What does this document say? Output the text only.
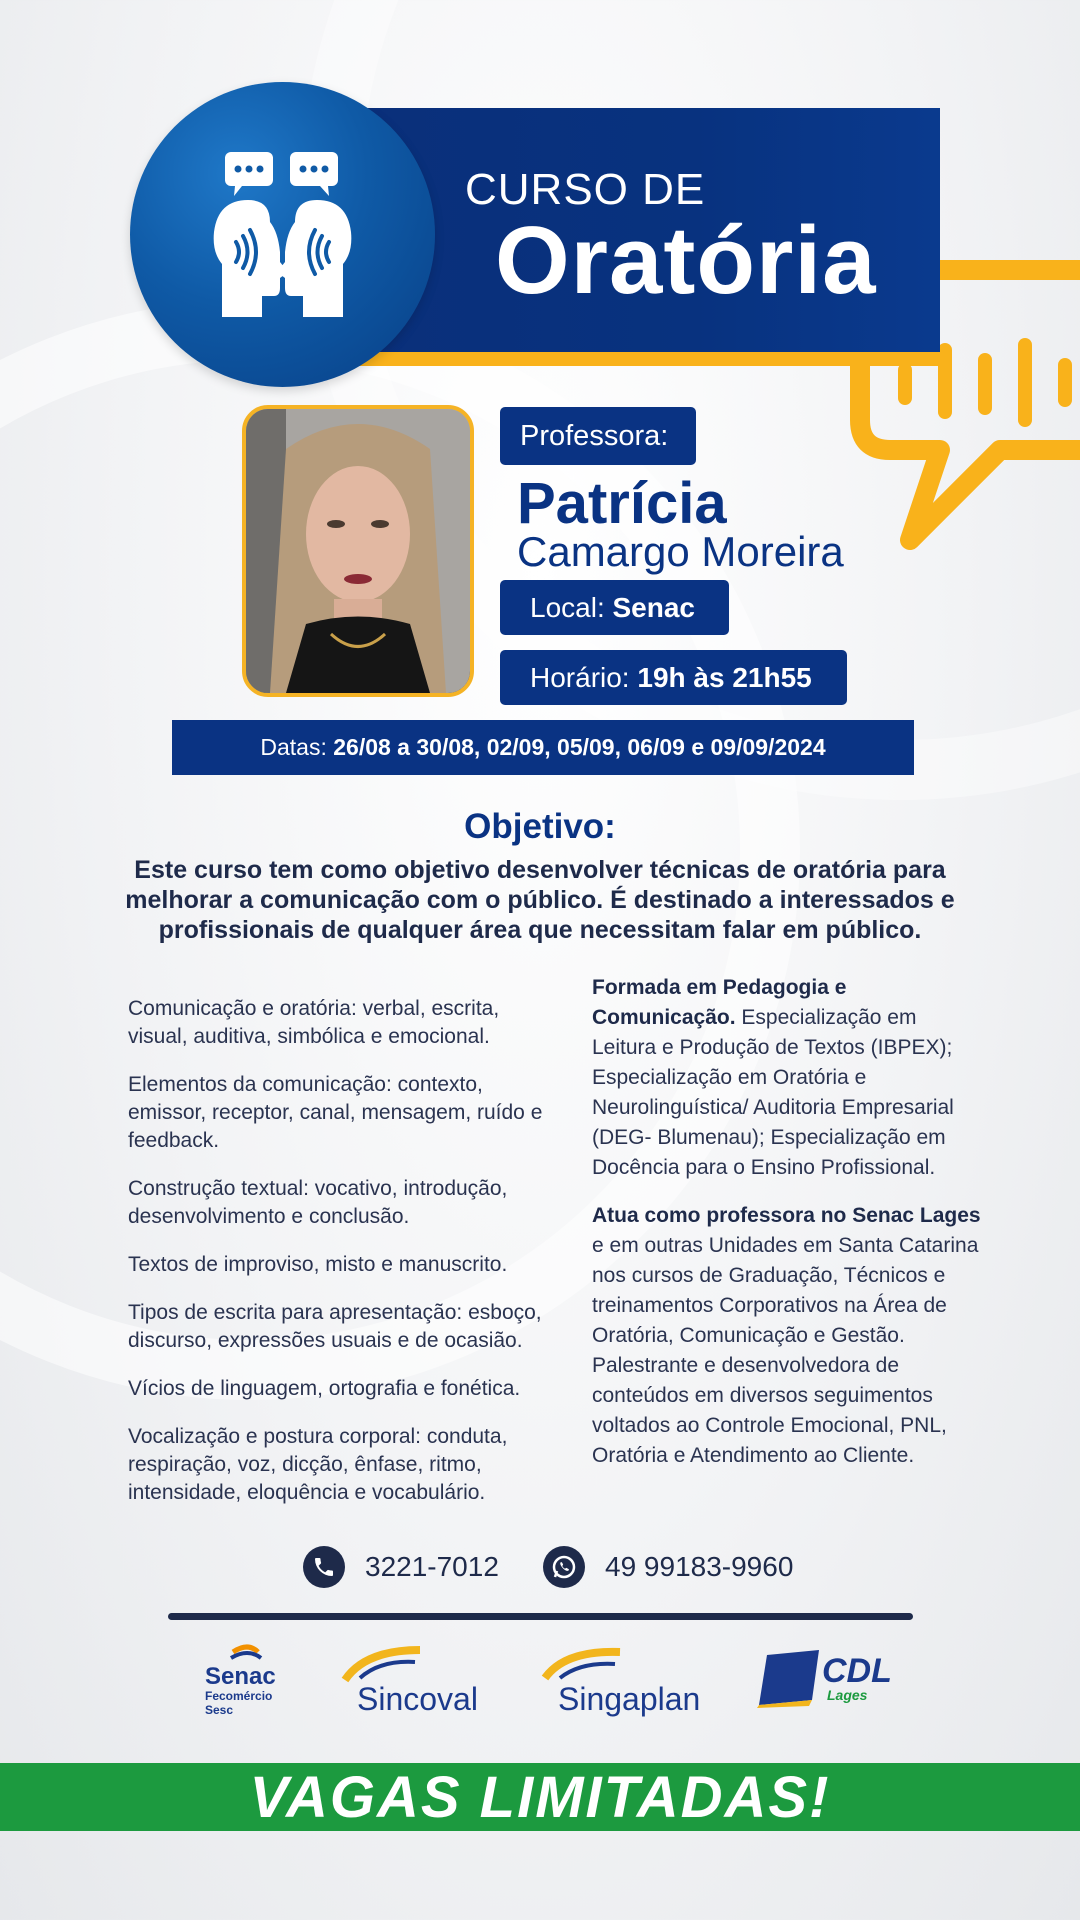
CURSO DE
Oratória
Professora:
Patrícia
Camargo Moreira
Local:
Senac
Horário:
19h às 21h55
Datas:
26/08 a 30/08, 02/09, 05/09, 06/09 e 09/09/2024
Objetivo:
Este curso tem como objetivo desenvolver técnicas de oratória para melhorar a comunicação com o público. É destinado a interessados e profissionais de qualquer área que necessitam falar em público.

Comunicação e oratória: verbal, escrita, visual, auditiva, simbólica e emocional.

Elementos da comunicação: contexto, emissor, receptor, canal, mensagem, ruído e feedback.

Construção textual: vocativo, introdução, desenvolvimento e conclusão.

Textos de improviso, misto e manuscrito.

Tipos de escrita para apresentação: esboço, discurso, expressões usuais e de ocasião.

Vícios de linguagem, ortografia e fonética.

Vocalização e postura corporal: conduta, respiração, voz, dicção, ênfase, ritmo, intensidade, eloquência e vocabulário.

Formada em Pedagogia e Comunicação. Especialização em Leitura e Produção de Textos (IBPEX); Especialização em Oratória e Neurolinguística/ Auditoria Empresarial (DEG- Blumenau); Especialização em Docência para o Ensino Profissional.

Atua como professora no Senac Lages e em outras Unidades em Santa Catarina nos cursos de Graduação, Técnicos e treinamentos Corporativos na Área de Oratória, Comunicação e Gestão. Palestrante e desenvolvedora de conteúdos em diversos seguimentos voltados ao Controle Emocional, PNL, Oratória e Atendimento ao Cliente.

3221-7012	49 99183-9960
Senac
Fecomércio
Sesc	Sincoval	Singaplan
CDL
Lages
VAGAS LIMITADAS!
